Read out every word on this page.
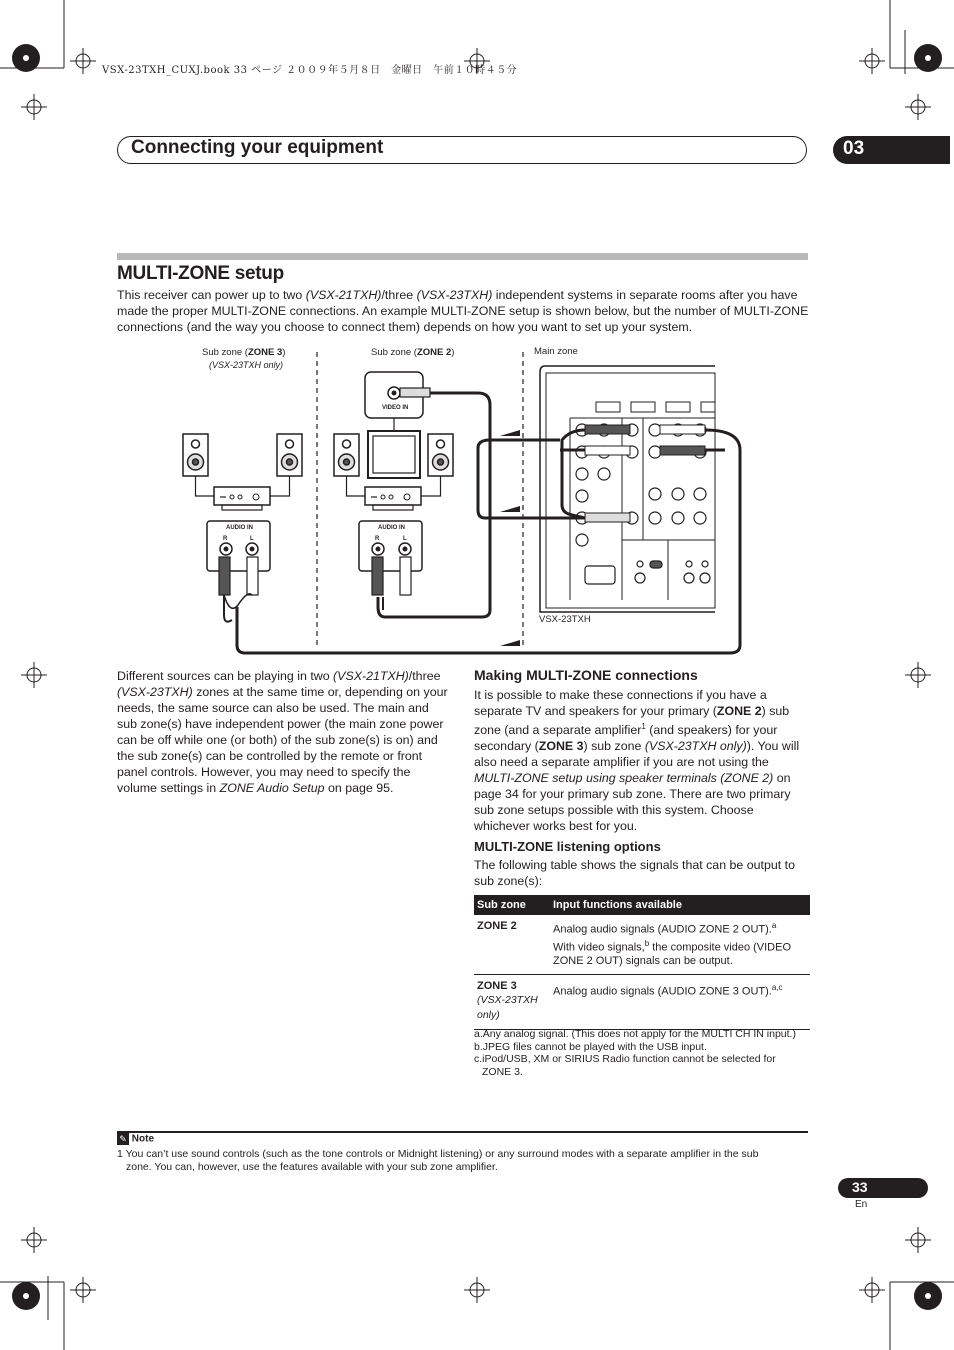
VSX-23TXH_CUXJ.book 33 ページ ２００９年５月８日　金曜日　午前１０時４５分
Connecting your equipment	03
MULTI-ZONE setup

This receiver can power up to two (VSX-21TXH)/three (VSX-23TXH) independent systems in separate rooms after you have made the proper MULTI-ZONE connections. An example MULTI-ZONE setup is shown below, but the number of MULTI-ZONE connections (and the way you choose to connect them) depends on how you want to set up your system.

Sub zone (ZONE 3)
(VSX-23TXH only)
Sub zone (ZONE 2)	Main zone
VIDEO IN
AUDIO IN	AUDIO IN
R	L	R	L
VSX-23TXH

Different sources can be playing in two (VSX-21TXH)/three (VSX-23TXH) zones at the same time or, depending on your needs, the same source can also be used. The main and sub zone(s) have independent power (the main zone power can be off while one (or both) of the sub zone(s) is on) and the sub zone(s) can be controlled by the remote or front panel controls. However, you may need to specify the volume settings in ZONE Audio Setup on page 95.

Making MULTI-ZONE connections

It is possible to make these connections if you have a separate TV and speakers for your primary (ZONE 2) sub zone (and a separate amplifier$^1$ (and speakers) for your secondary (ZONE 3) sub zone (VSX-23TXH only)). You will also need a separate amplifier if you are not using the MULTI-ZONE setup using speaker terminals (ZONE 2) on page 34 for your primary sub zone. There are two primary sub zone setups possible with this system. Choose whichever works best for you.

MULTI-ZONE listening options
The following table shows the signals that can be output to sub zone(s):
Sub zone	Input functions available
ZONE 2	Analog audio signals (AUDIO ZONE 2 OUT).$^a$
With video signals,$^b$ the composite video (VIDEO ZONE 2 OUT) signals can be output.

ZONE 3
(VSX-23TXH only)	Analog audio signals (AUDIO ZONE 3 OUT).$^{a,c}$
a.Any analog signal. (This does not apply for the MULTI CH IN input.)
b.JPEG files cannot be played with the USB input.
c.iPod/USB, XM or SIRIUS Radio function cannot be selected for
ZONE 3.
✎ Note
1 You can’t use sound controls (such as the tone controls or Midnight listening) or any surround modes with a separate amplifier in the sub
zone. You can, however, use the features available with your sub zone amplifier.
33
En
